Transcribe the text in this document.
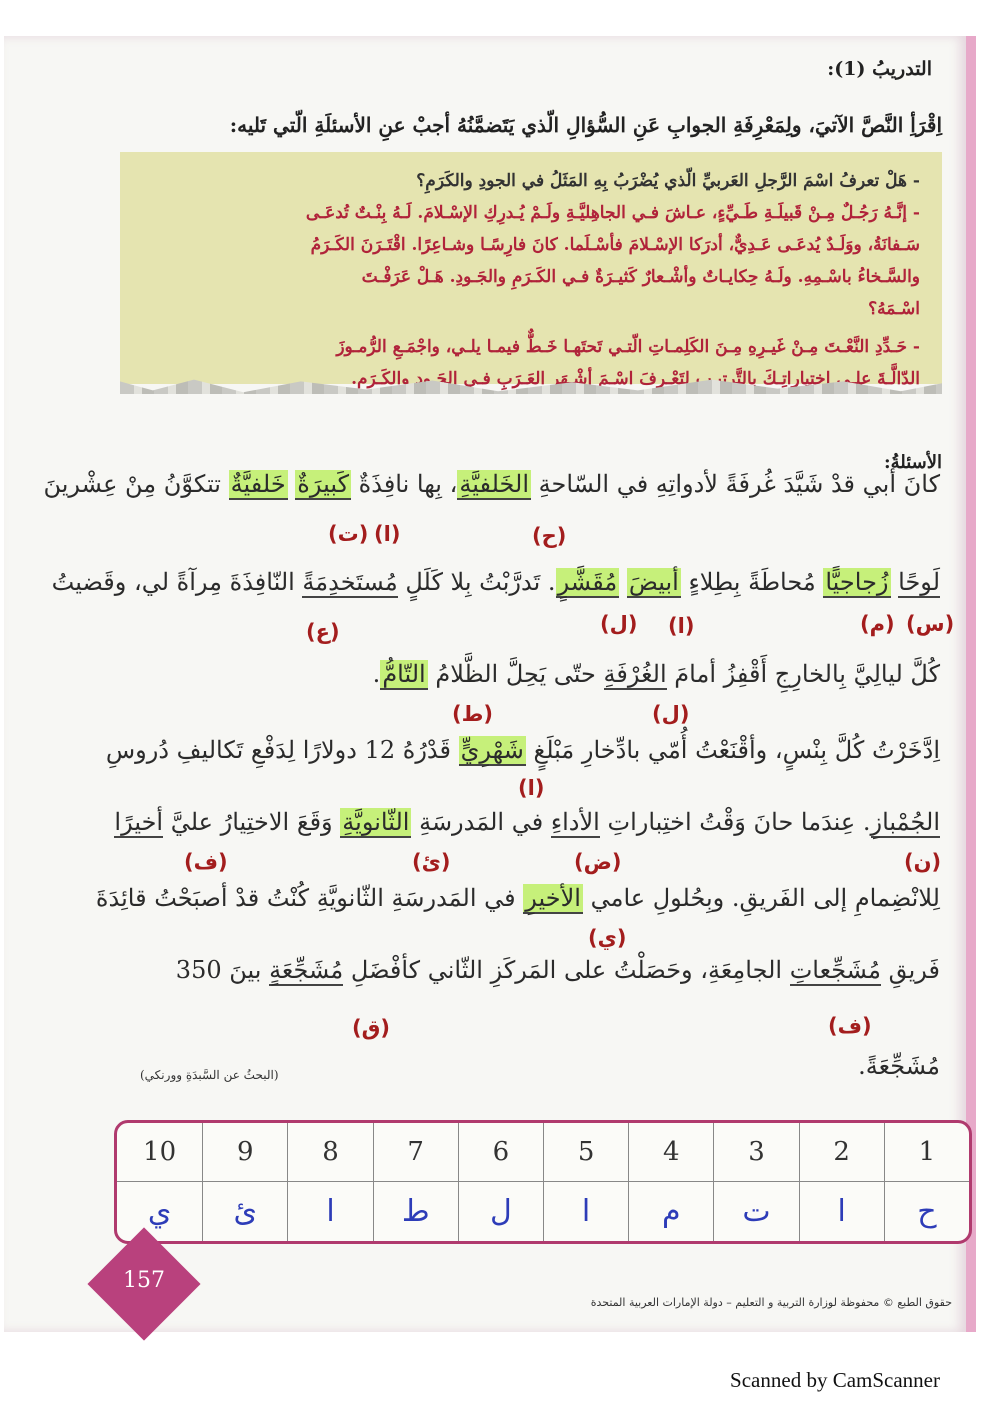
التدريبُ (1):
اِقْرَأِ النَّصَّ الآتيَ، ولِمَعْرِفَةِ الجوابِ عَنِ السُّؤالِ الّذي يَتَضمَّنُهُ أجبْ عنِ الأسئلَةِ الّتي تَليه:

- هَلْ تعرفُ اسْمَ الرَّجلِ العَربيِّ الّذي يُضْرَبُ بِهِ المَثَلُ في الجودِ والكَرَمِ؟

- إنَّـهُ رَجُـلٌ مِـنْ قَبيلَـةِ طَـيِّءٍ، عـاشَ فـي الجاهِليَّـةِ ولَـمْ يُـدرِكِ الإسْـلامَ. لَـهُ بِنْـتٌ تُدعَـى

سَـفانَةُ، ووَلَـدٌ يُدعَـى عَـدِيٌّ، أدرَكا الإسْـلامَ فأسْـلَما. كانَ فارِسًـا وشـاعِرًا. اقْتَـرَنَ الكَـرَمُ

والسَّـخاءُ باسْـمِهِ. ولَـهُ حِكايـاتٌ وأشْـعارٌ كَثيـرَةٌ فـي الكَـرَمِ والجَـودِ. هَـلْ عَرَفْـتَ

اسْـمَهُ؟

- حَـدِّدِ النَّعْـتَ مِـنْ غَيـرِهِ مِـنَ الكَلِمـاتِ الّتـي تَحتَهـا خَـطٌّ فيمـا يلـي، واجْمَـعِ الرُّمـوزَ

الدّالَّـةَ علـى اختياراتِـكَ بالتَّرتيـبِ لِتَعْـرِفَ اسْـمَ أشْـهَرِ العَـرَبِ فـي الجَـودِ والكَـرَمِ.

الأسئلةُ:
كانَ أبي قدْ شَيَّدَ غُرفَةً لأدواتِهِ في السّاحةِ الخَلفيَّةِ، بِها نافِذَةٌ كَبيرَةٌ خَلفيَّةٌ تتكوَّنُ مِنْ عِشْرينَ
(ت) (ا)	(ح)
لَوحًا زُجاجيًّا مُحاطَةً بِطِلاءٍ أبيضَ مُقَشَّرٍ. تَدرَّبْتُ بِلا كَلَلٍ مُستَخدِمَةً النّافِذَةَ مِرآةً لي، وقَضيتُ
(س)
(م)
(ا)
(ل)
(ع)
كُلَّ ليالِيَّ بِالخارِجِ أَقْفِزُ أمامَ الغُرْفَةِ حتّى يَحِلَّ الظَّلامُ التّامُّ.
(ط)	(ل)
اِدَّخَرْتُ كُلَّ بِنْسٍ، وأقْنَعْتُ أُمّي بادِّخارِ مَبْلَغٍ شَهْرِيٍّ قَدْرُهُ 12 دولارًا لِدَفْعِ تَكاليفِ دُروسِ
(ا)
الجُمْبازِ. عِندَما حانَ وَقْتُ اختِباراتِ الأداءِ في المَدرسَةِ الثّانويَّةِ وَقَعَ الاختِيارُ عليَّ أخيرًا
(ف)	(ئ)	(ض)	(ن)
لِلانْضِمامِ إلى الفَريقِ. وبِحُلولِ عامي الأخيرِ في المَدرسَةِ الثّانويَّةِ كُنْتُ قدْ أصبَحْتُ قائِدَةَ
(ي)
فَريقِ مُشَجِّعاتِ الجامِعَةِ، وحَصَلْتُ على المَركَزِ الثّاني كأفْضَلِ مُشَجِّعَةٍ بينَ 350
(ق)	(ف)
مُشَجِّعَةً.
(البحثُ عن السَّبدَةِ وورنكي)
10	9	8	7	6	5	4	3	2	1
ي	ئ	ا	ط	ل	ا	م	ت	ا	ح
157
حقوق الطبع © محفوظة لوزارة التربية و التعليم – دولة الإمارات العربية المتحدة
Scanned by CamScanner
